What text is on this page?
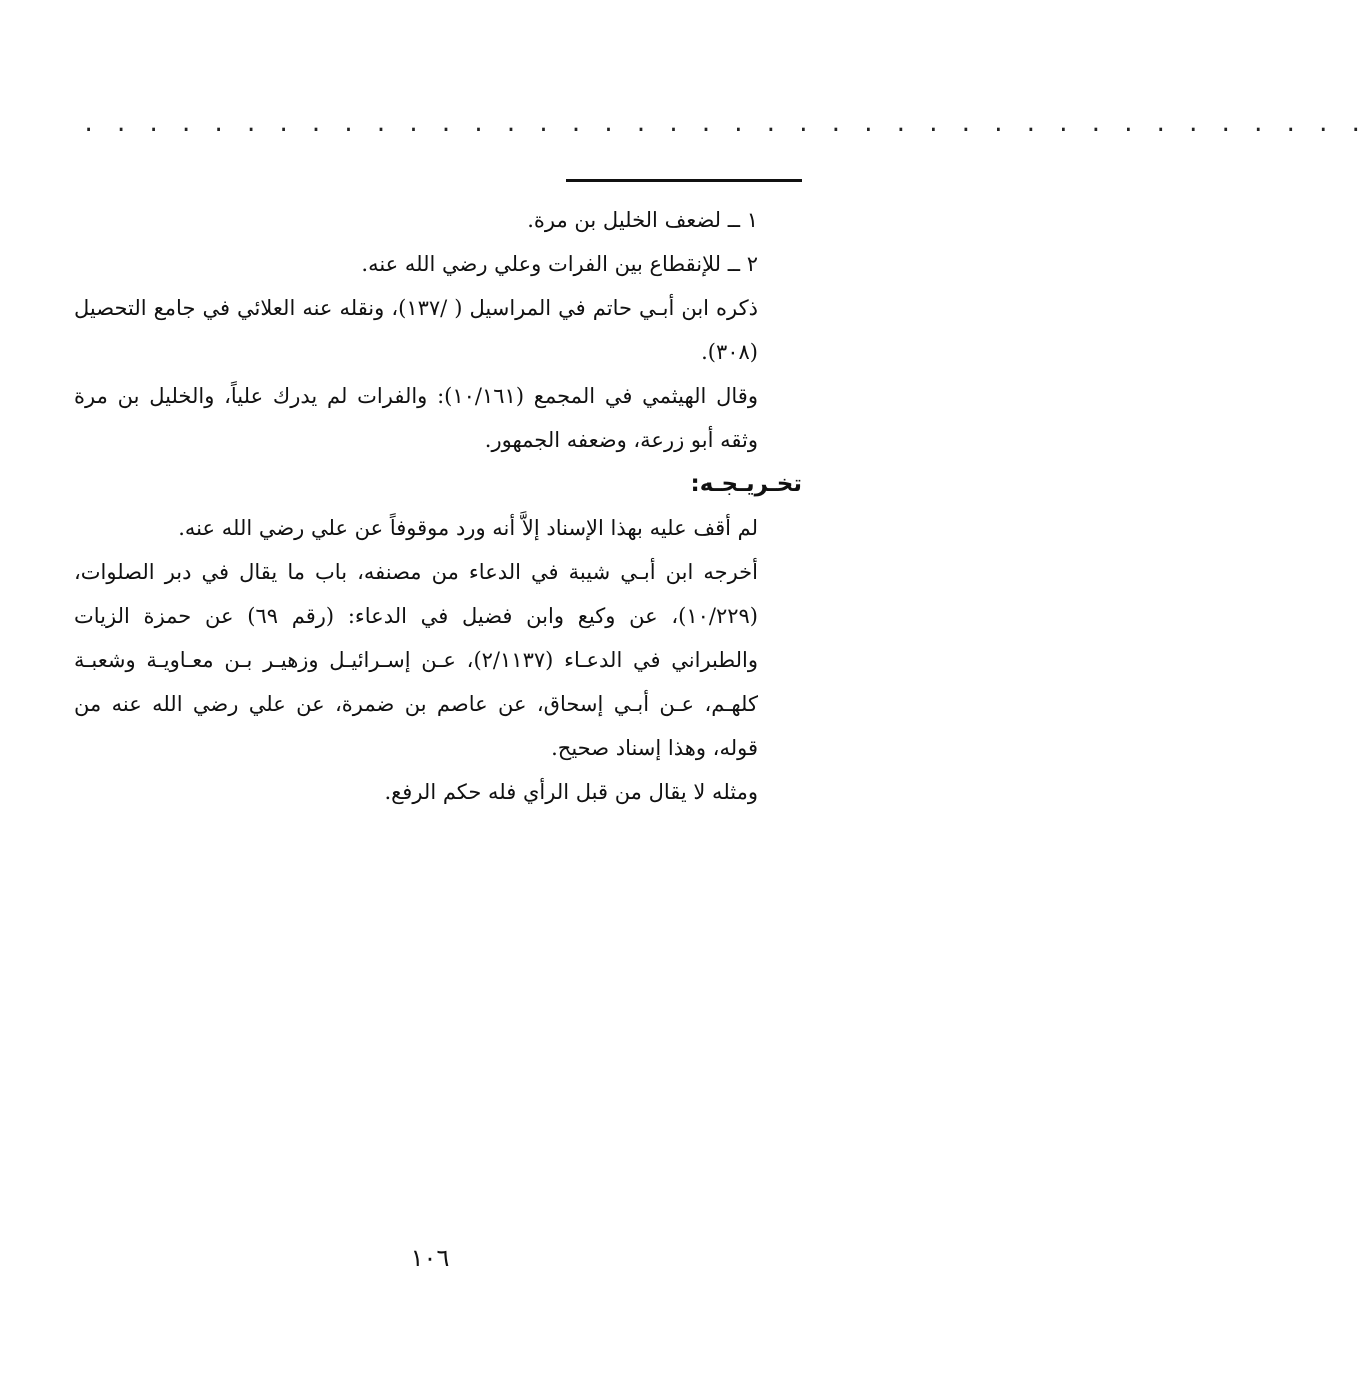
. . . . . . . . . . . . . . . . . . . . . . . . . . . . . . . . . . . . . . . .

١ ــ لضعف الخليل بن مرة.

٢ ــ للإنقطاع بين الفرات وعلي رضي الله عنه.

ذكره ابن أبـي حاتم في المراسيل ( /١٣٧)، ونقله عنه العلائي في جامع التحصيل (٣٠٨).

وقال الهيثمي في المجمع (١٠/١٦١): والفرات لم يدرك علياً، والخليل بن مرة وثقه أبو زرعة، وضعفه الجمهور.

تخـريـجـه:

لم أقف عليه بهذا الإسناد إلاَّ أنه ورد موقوفاً عن علي رضي الله عنه.

أخرجه ابن أبـي شيبة في الدعاء من مصنفه، باب ما يقال في دبر الصلوات، (١٠/٢٢٩)، عن وكيع وابن فضيل في الدعاء: (رقم ٦٩) عن حمزة الزيات والطبراني في الدعـاء (٢/١١٣٧)، عـن إسـرائيـل وزهيـر بـن معـاويـة وشعبـة كلهـم، عـن أبـي إسحاق، عن عاصم بن ضمرة، عن علي رضي الله عنه من قوله، وهذا إسناد صحيح.

ومثله لا يقال من قبل الرأي فله حكم الرفع.

١٠٦
